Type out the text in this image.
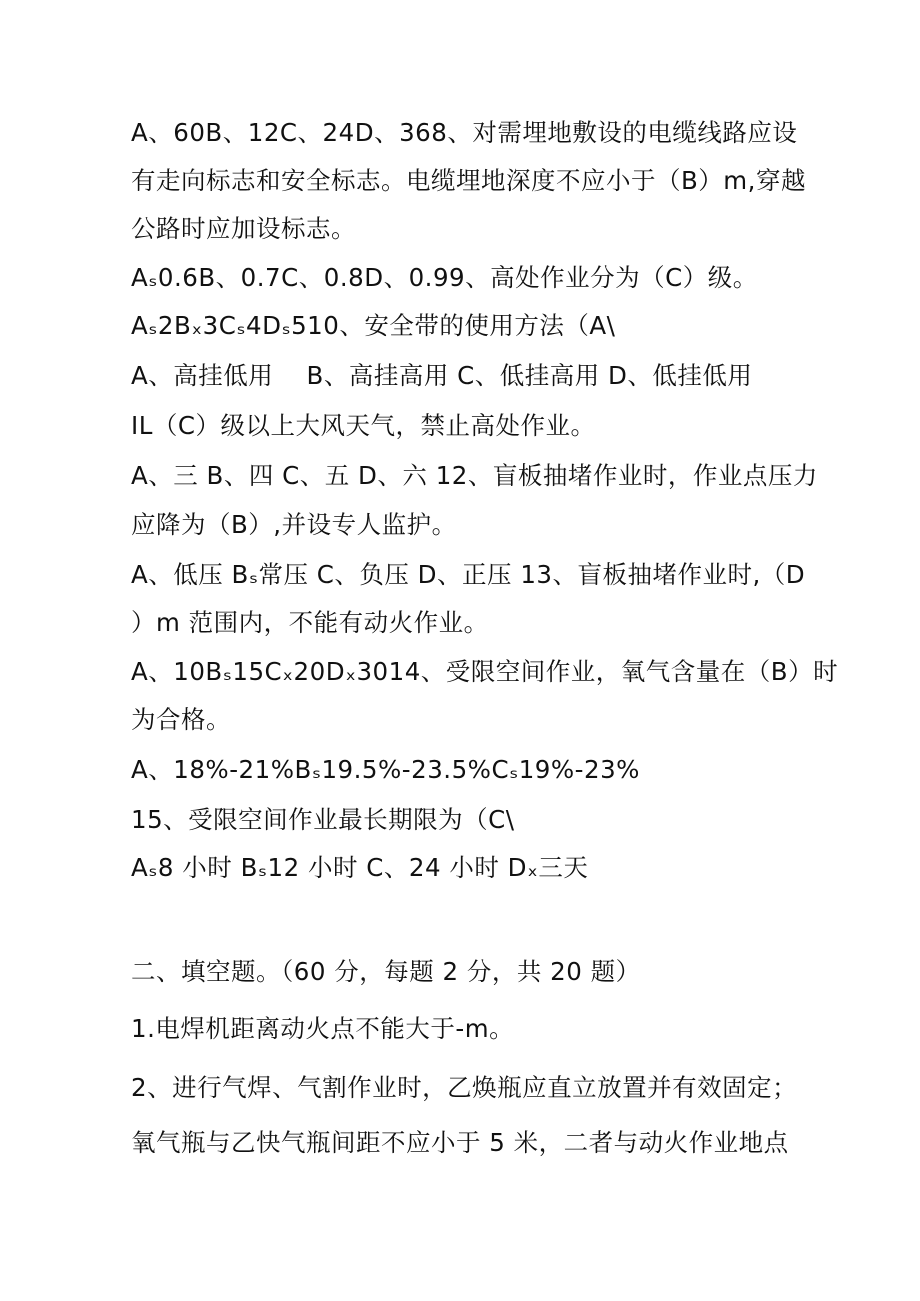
A、60B、12C、24D、368、对需埋地敷设的电缆线路应设
有走向标志和安全标志。电缆埋地深度不应小于（B）m,穿越
公路时应加设标志。
Aₛ0.6B、0.7C、0.8D、0.99、高处作业分为（C）级。
Aₛ2Bₓ3Cₛ4Dₛ510、安全带的使用方法（A\
A、高挂低用　 B、高挂高用 C、低挂高用 D、低挂低用
IL（C）级以上大风天气，禁止高处作业。
A、三 B、四 C、五 D、六 12、盲板抽堵作业时，作业点压力
应降为（B）,并设专人监护。
A、低压 Bₛ常压 C、负压 D、正压 13、盲板抽堵作业时,（D
）m 范围内，不能有动火作业。
A、10Bₛ15Cₓ20Dₓ3014、受限空间作业，氧气含量在（B）时
为合格。
A、18%-21%Bₛ19.5%-23.5%Cₛ19%-23%
15、受限空间作业最长期限为（C\
Aₛ8 小时 Bₛ12 小时 C、24 小时 Dₓ三天
二、填空题。（60 分，每题 2 分，共 20 题）
1.电焊机距离动火点不能大于-m。
2、进行气焊、气割作业时，乙焕瓶应直立放置并有效固定；
氧气瓶与乙快气瓶间距不应小于 5 米，二者与动火作业地点
